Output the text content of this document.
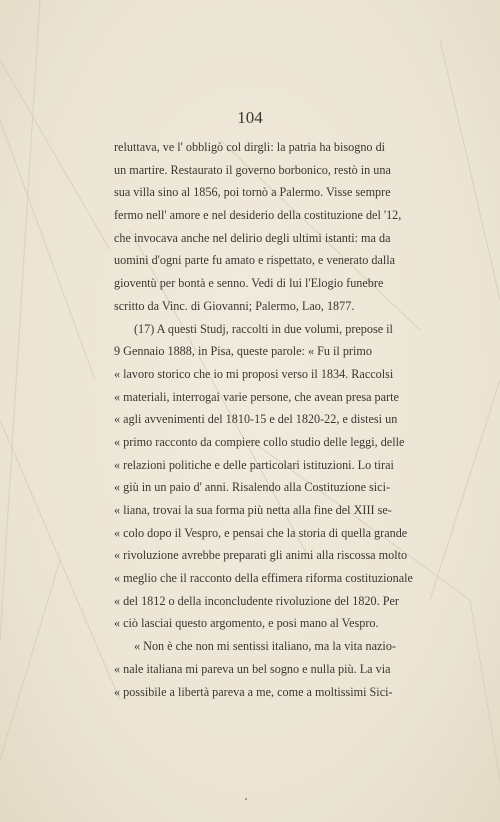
104
reluttava, ve l' obbligò col dirgli: la patria ha bisogno di
un martire. Restaurato il governo borbonico, restò in una
sua villa sino al 1856, poi tornò a Palermo. Visse sempre
fermo nell' amore e nel desiderio della costituzione del '12,
che invocava anche nel delirio degli ultimi istanti: ma da
uomini d'ogni parte fu amato e rispettato, e venerato dalla
gioventù per bontà e senno. Vedi di lui l'Elogio funebre
scritto da Vinc. di Giovanni; Palermo, Lao, 1877.
(17) A questi Studj, raccolti in due volumi, prepose il
9 Gennaio 1888, in Pisa, queste parole: « Fu il primo
« lavoro storico che io mi proposi verso il 1834. Raccolsi
« materiali, interrogai varie persone, che avean presa parte
« agli avvenimenti del 1810-15 e del 1820-22, e distesi un
« primo racconto da compiere collo studio delle leggi, delle
« relazioni politiche e delle particolari istituzioni. Lo tirai
« giù in un paio d' anni. Risalendo alla Costituzione sici-
« liana, trovai la sua forma più netta alla fine del XIII se-
« colo dopo il Vespro, e pensai che la storia di quella grande
« rivoluzione avrebbe preparati gli animi alla riscossa molto
« meglio che il racconto della effimera riforma costituzionale
« del 1812 o della inconcludente rivoluzione del 1820. Per
« ciò lasciai questo argomento, e posi mano al Vespro.
« Non è che non mi sentissi italiano, ma la vita nazio-
« nale italiana mi pareva un bel sogno e nulla più. La via
« possibile a libertà pareva a me, come a moltissimi Sici-
